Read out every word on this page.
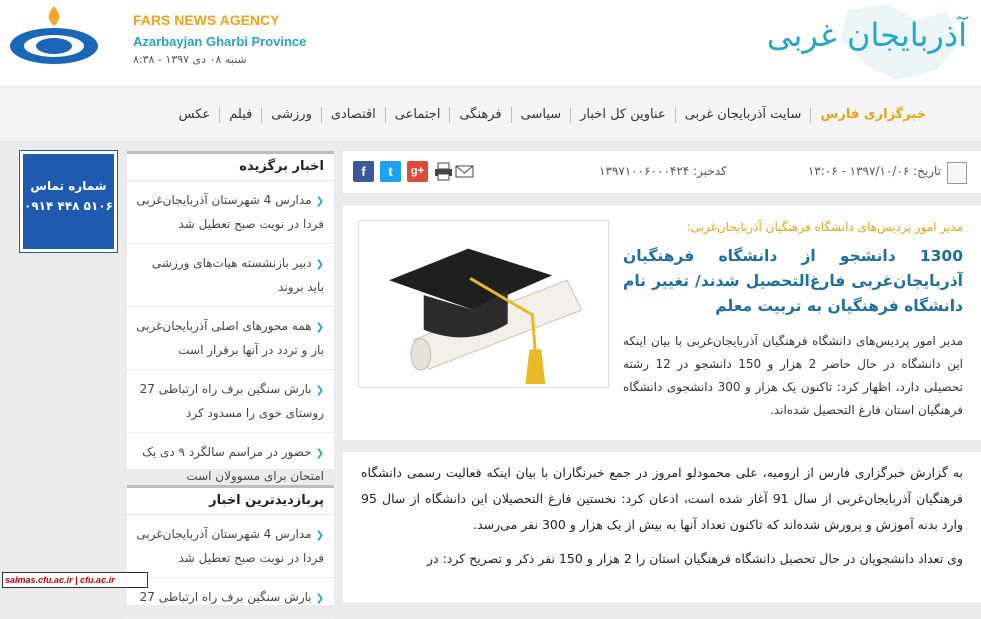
FARS NEWS AGENCY
Azarbayjan Gharbi Province
شنبه ۰۸ دی ۱۳۹۷ - ۸:۳۸
آذربایجان غربی
خبرگزاری فارس
سایت آذربایجان غربی
عناوین کل اخبار
سیاسی
فرهنگی
اجتماعی
اقتصادی
ورزشی
فیلم
عکس
شماره تماس
۰۹۱۴ ۴۴۸ ۵۱۰۶
اخبار برگزیده
❮مدارس 4 شهرستان آذربایجان‌غربی فردا در نوبت صبح تعطیل شد
❮دبیر بازنشسته هیات‌های ورزشی باید بروند
❮همه محورهای اصلی آذربایجان‌غربی باز و تردد در آنها برقرار است
❮بارش سنگین برف راه ارتباطی 27 روستای خوی را مسدود کرد
❮حضور در مراسم سالگرد ۹ دی یک امتحان برای مسوولان است
پربازدیدترین اخبار
❮مدارس 4 شهرستان آذربایجان‌غربی فردا در نوبت صبح تعطیل شد
❮بارش سنگین برف راه ارتباطی 27
f	t	g+	کدخبر: ۱۳۹۷۱۰۰۶۰۰۰۴۲۴	تاریخ: ۱۳۹۷/۱۰/۰۶ - ۱۳:۰۶
مدیر امور پردیس‌های دانشگاه فرهنگیان آذربایجان‌غربی:
1300 دانشجو از دانشگاه فرهنگیان آذربایجان‌غربی فارغ‌التحصیل شدند/ تغییر نام دانشگاه فرهنگیان به تربیت معلم
مدیر امور پردیس‌های دانشگاه فرهنگیان آذربایجان‌غربی با بیان اینکه این دانشگاه در حال حاضر 2 هزار و 150 دانشجو در 12 رشته تحصیلی دارد، اظهار کرد: تاکنون یک هزار و 300 دانشجوی دانشگاه فرهنگیان استان فارغ التحصیل شده‌اند.

به گزارش خبرگزاری فارس از ارومیه، علی محمودلو امروز در جمع خبرنگاران با بیان اینکه فعالیت رسمی دانشگاه فرهنگیان آذربایجان‌غربی از سال 91 آغاز شده است، اذعان کرد: نخستین فارغ التحصیلان این دانشگاه از سال 95 وارد بدنه آموزش و پرورش شده‌اند که تاکنون تعداد آنها به بیش از یک هزار و 300 نفر می‌رسد.

وی تعداد دانشجویان در حال تحصیل دانشگاه فرهنگیان استان را 2 هزار و 150 نفر ذکر و تصریح کرد: در

salmas.cfu.ac.ir | cfu.ac.ir
